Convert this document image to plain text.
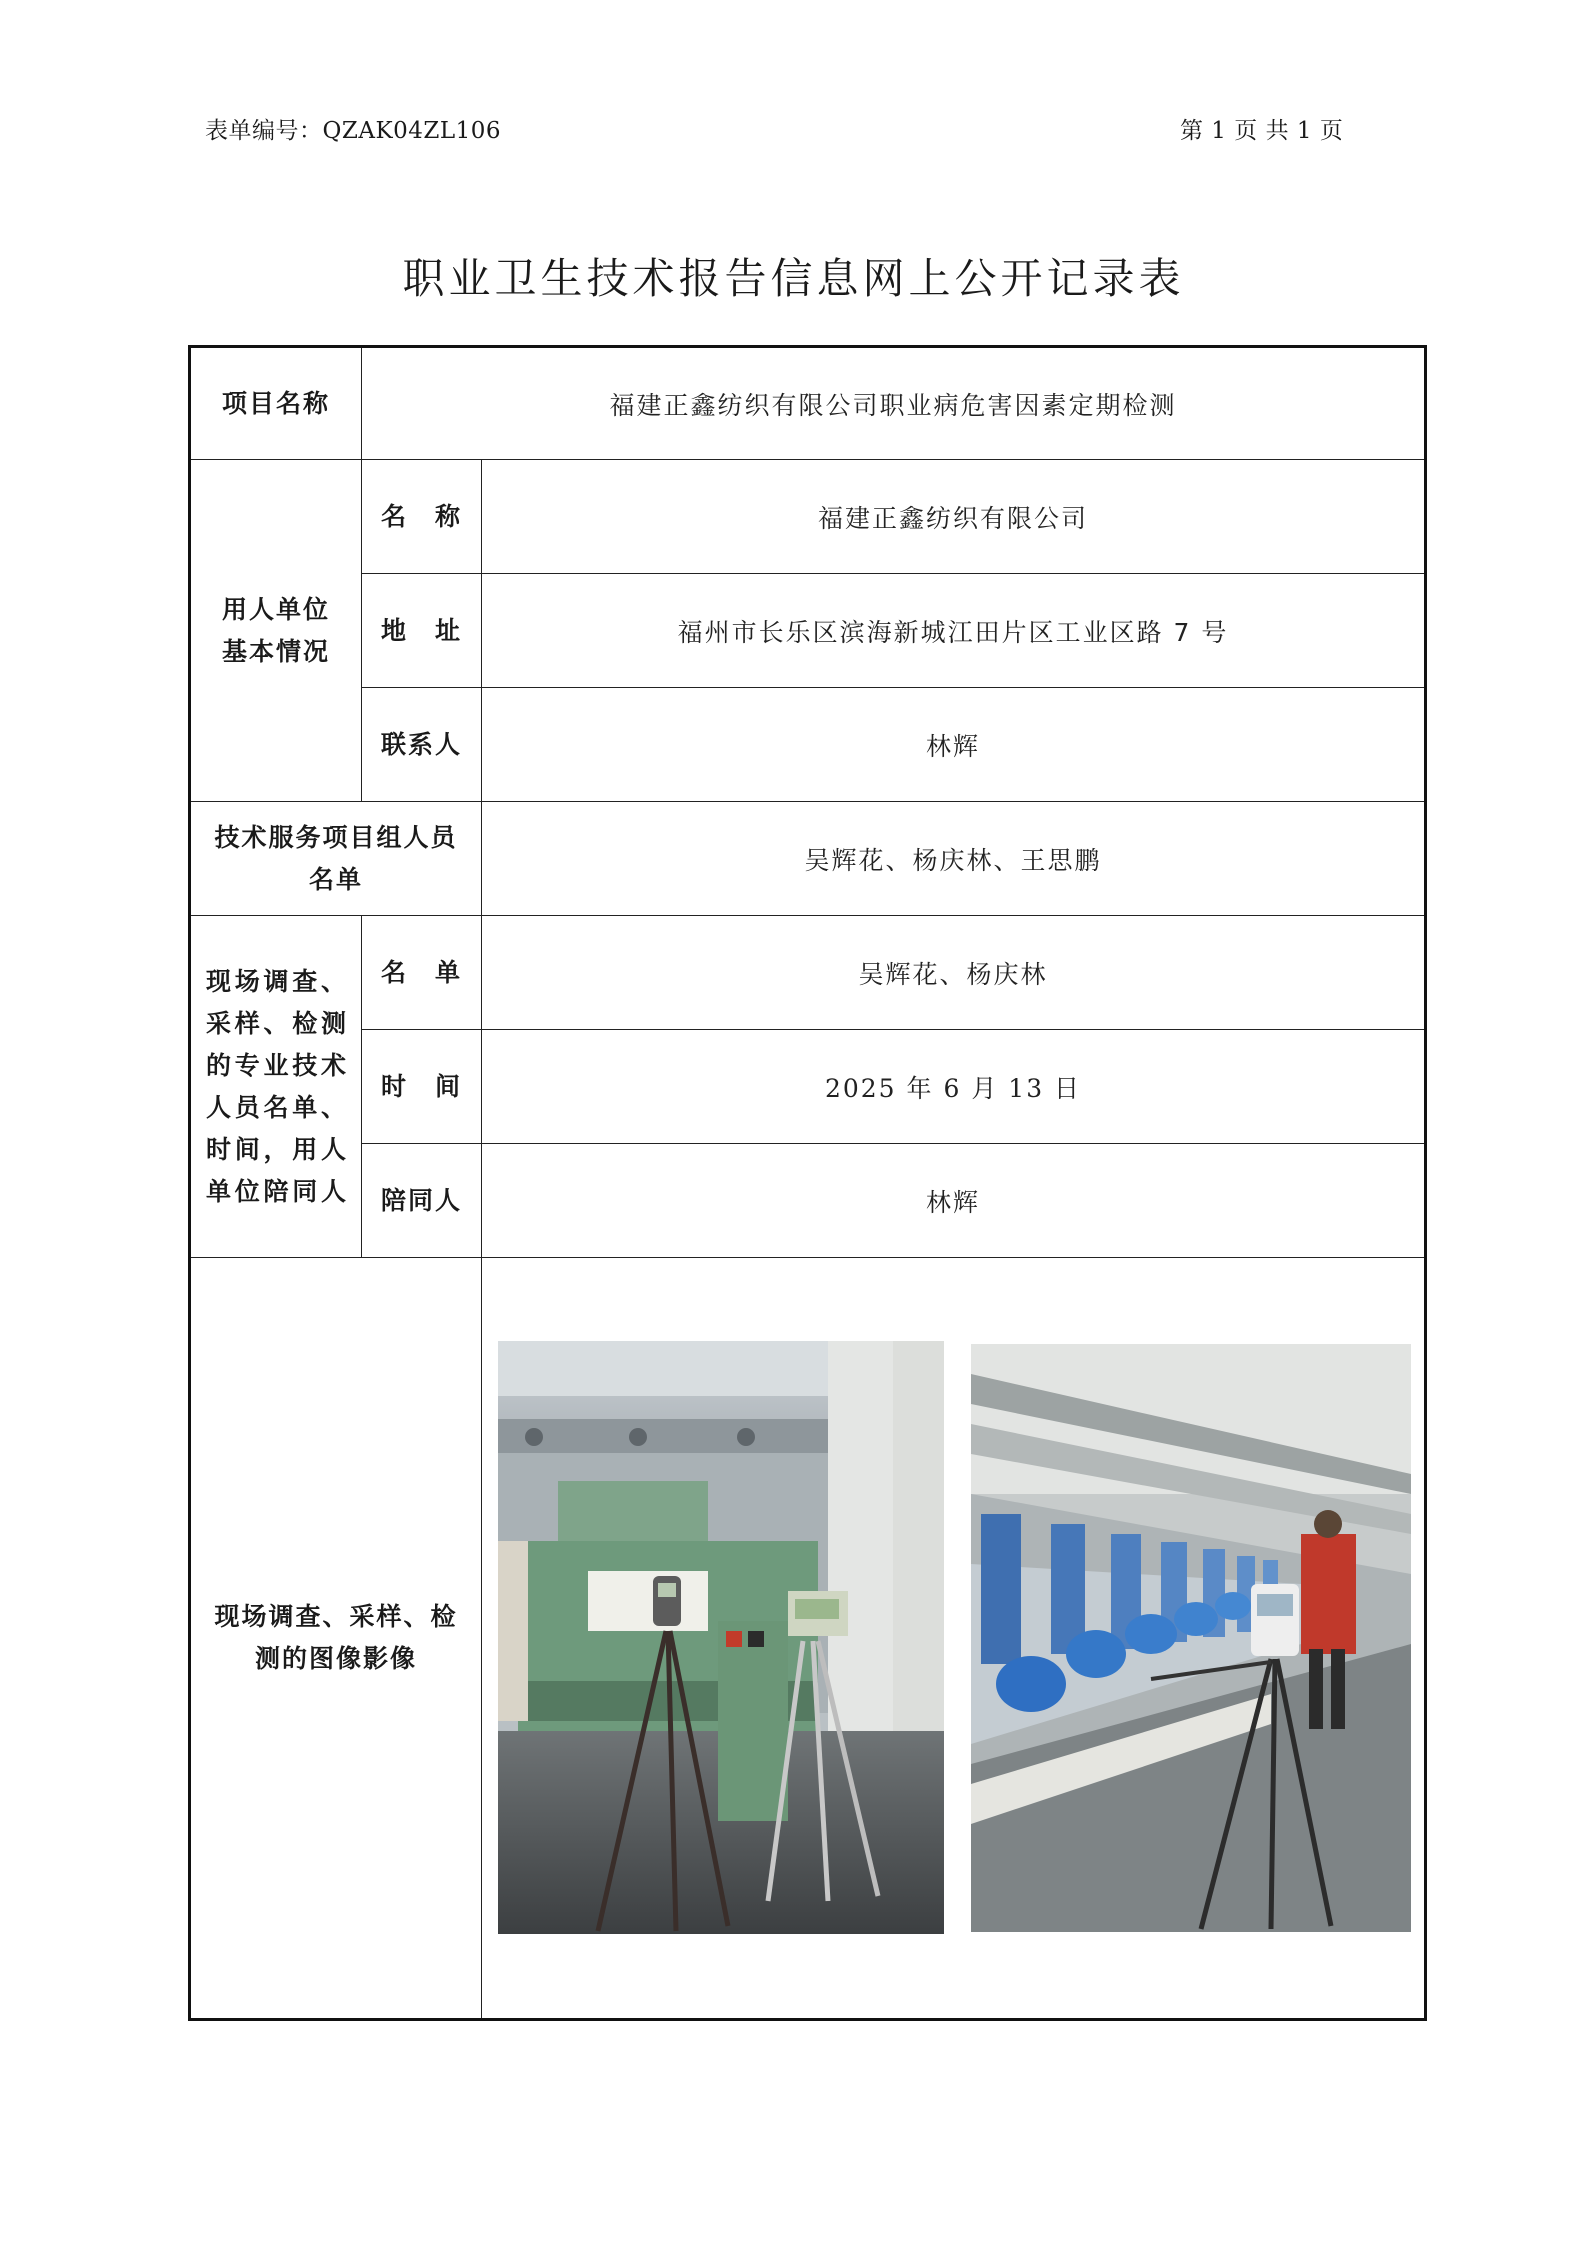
表单编号：QZAK04ZL106	第 1 页 共 1 页
职业卫生技术报告信息网上公开记录表
项目名称	福建正鑫纺织有限公司职业病危害因素定期检测	

用人单位
基本情况	名　称	福建正鑫纺织有限公司
	地　址	福州市长乐区滨海新城江田片区工业区路 7 号
	联系人	林辉

技术服务项目组人员
名单		吴辉花、杨庆林、王思鹏
现场调查、 采样、检测 的专业技术 人员名单、 时间，用人 单位陪同人	名　单	吴辉花、杨庆林
	时　间	2025 年 6 月 13 日
	陪同人	林辉

现场调查、采样、检
测的图像影像
